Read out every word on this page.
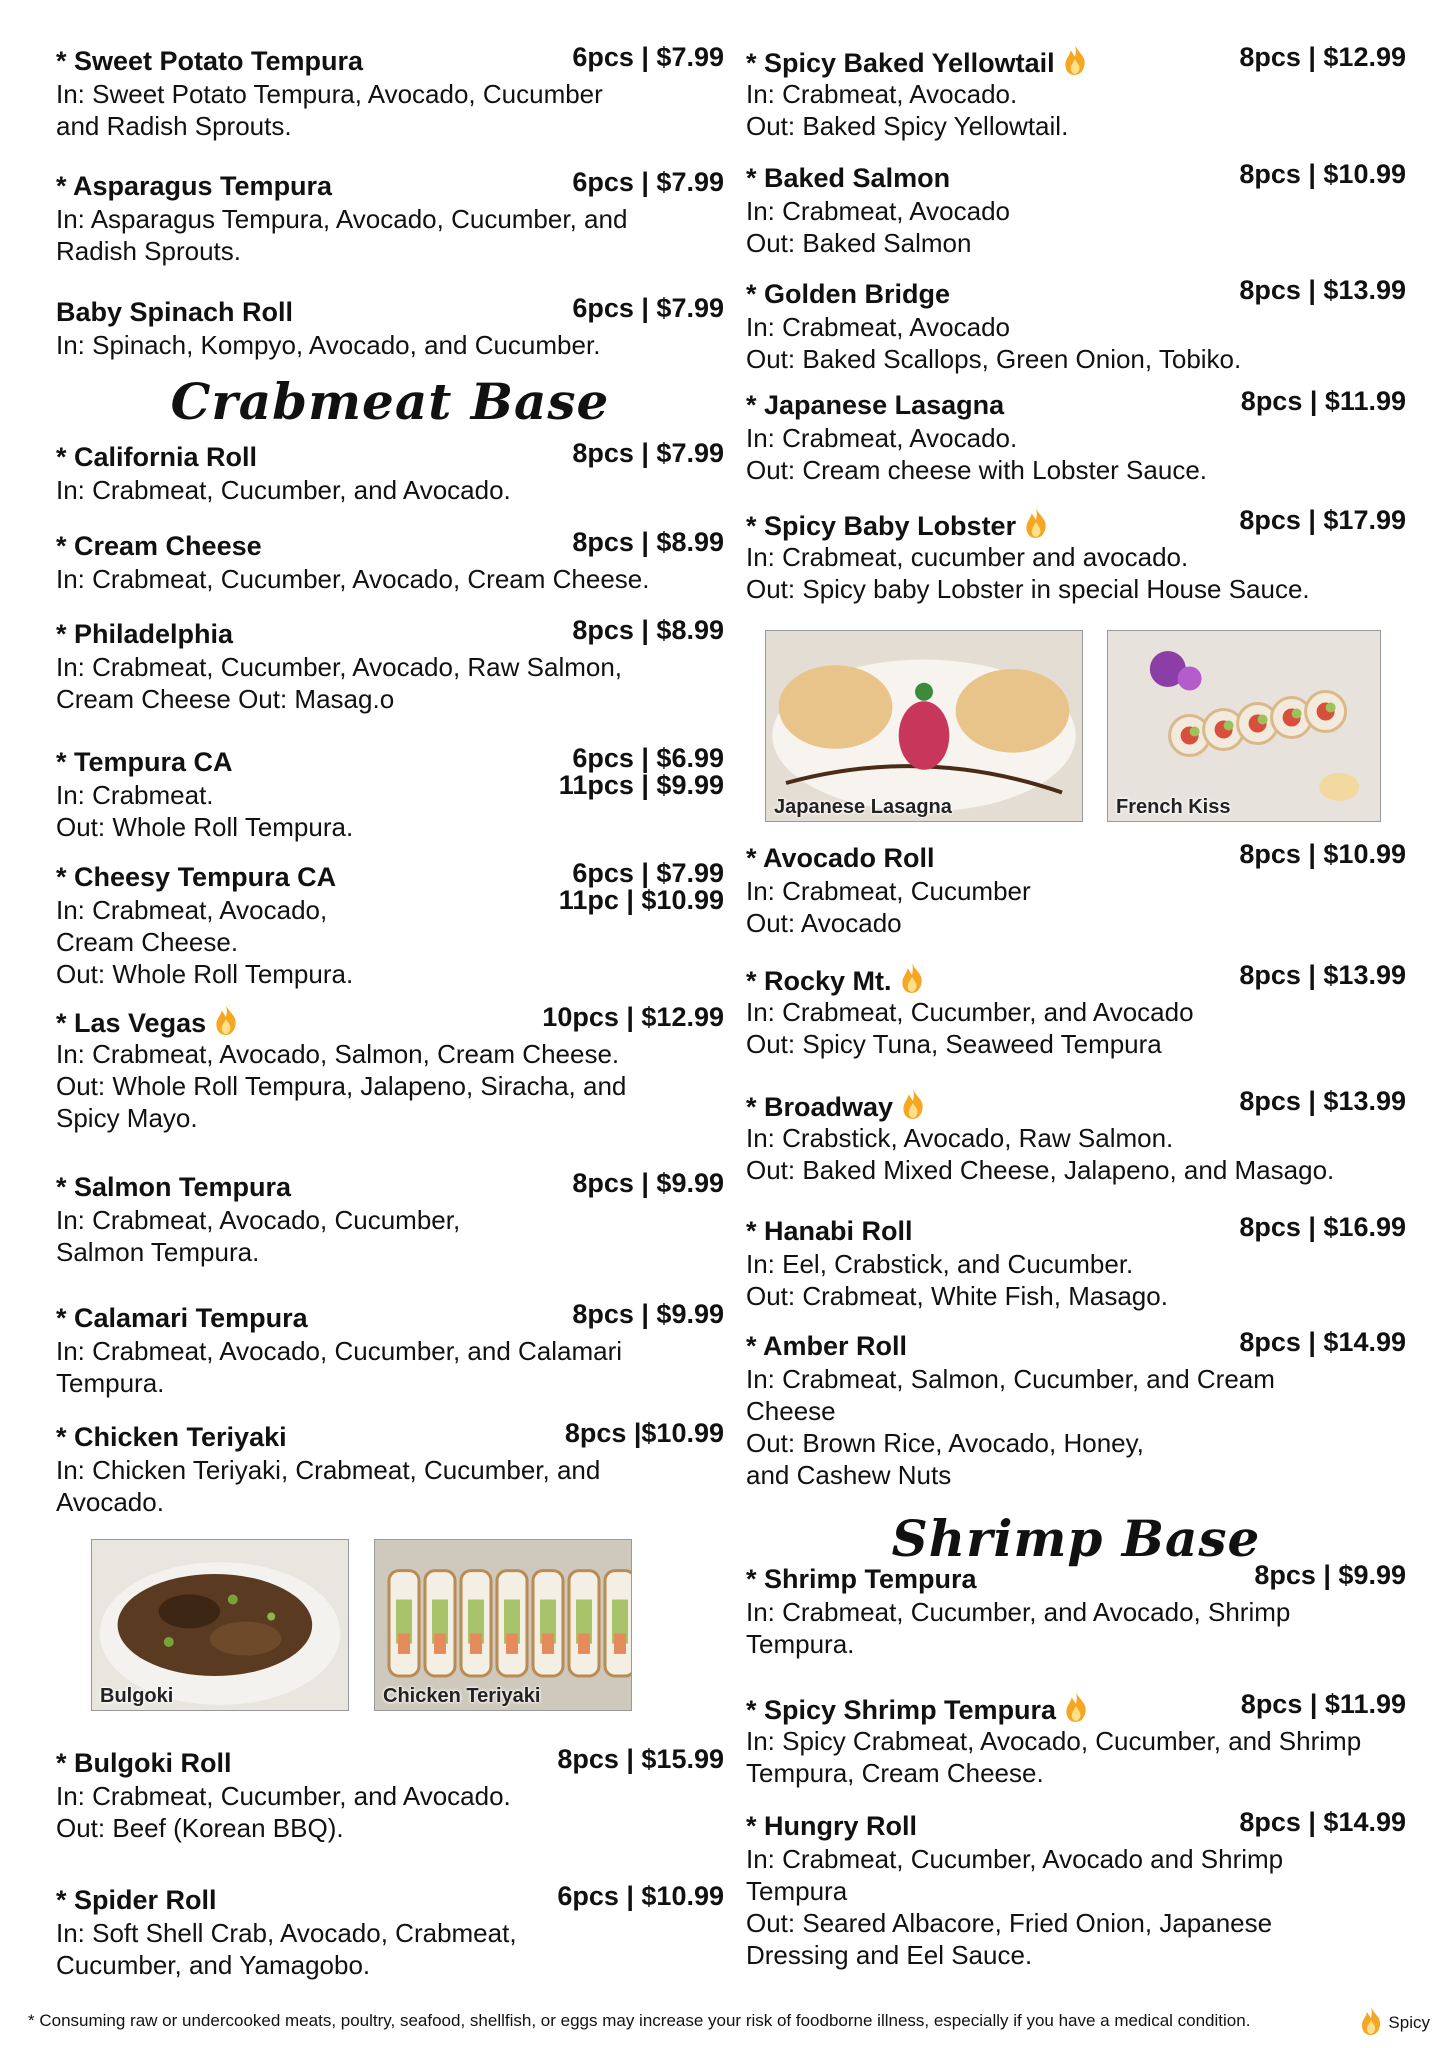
* Sweet Potato Tempura	6pcs | $7.99
In: Sweet Potato Tempura, Avocado, Cucumber
and Radish Sprouts.
* Asparagus Tempura	6pcs | $7.99
In: Asparagus Tempura, Avocado, Cucumber, and
Radish Sprouts.
Baby Spinach Roll	6pcs | $7.99
In: Spinach, Kompyo, Avocado, and Cucumber.
* California Roll	8pcs | $7.99
In: Crabmeat, Cucumber, and Avocado.
* Cream Cheese	8pcs | $8.99
In: Crabmeat, Cucumber, Avocado, Cream Cheese.
* Philadelphia	8pcs | $8.99
In: Crabmeat, Cucumber, Avocado, Raw Salmon,
Cream Cheese Out: Masag.o
* Tempura CA	6pcs | $6.99
11pcs | $9.99
In: Crabmeat.
Out: Whole Roll Tempura.
* Cheesy Tempura CA	6pcs | $7.99
11pc | $10.99
In: Crabmeat, Avocado,
Cream Cheese.
Out: Whole Roll Tempura.
* Las Vegas	10pcs | $12.99
In: Crabmeat, Avocado, Salmon, Cream Cheese.
Out: Whole Roll Tempura, Jalapeno, Siracha, and
Spicy Mayo.
* Salmon Tempura	8pcs | $9.99
In: Crabmeat, Avocado, Cucumber,
Salmon Tempura.
* Calamari Tempura	8pcs | $9.99
In: Crabmeat, Avocado, Cucumber, and Calamari
Tempura.
* Chicken Teriyaki	8pcs |$10.99
In: Chicken Teriyaki, Crabmeat, Cucumber, and
Avocado.
* Bulgoki Roll	8pcs | $15.99
In: Crabmeat, Cucumber, and Avocado.
Out: Beef (Korean BBQ).
* Spider Roll	6pcs | $10.99
In: Soft Shell Crab, Avocado, Crabmeat,
Cucumber, and Yamagobo.
Crabmeat Base
Bulgoki	Chicken Teriyaki
* Spicy Baked Yellowtail	8pcs | $12.99
In: Crabmeat, Avocado.
Out: Baked Spicy Yellowtail.
* Baked Salmon	8pcs | $10.99
In: Crabmeat, Avocado
Out: Baked Salmon
* Golden Bridge	8pcs | $13.99
In: Crabmeat, Avocado
Out: Baked Scallops, Green Onion, Tobiko.
* Japanese Lasagna	8pcs | $11.99
In: Crabmeat, Avocado.
Out: Cream cheese with Lobster Sauce.
* Spicy Baby Lobster	8pcs | $17.99
In: Crabmeat, cucumber and avocado.
Out: Spicy baby Lobster in special House Sauce.
* Avocado Roll	8pcs | $10.99
In: Crabmeat, Cucumber
Out: Avocado
* Rocky Mt.	8pcs | $13.99
In: Crabmeat, Cucumber, and Avocado
Out: Spicy Tuna, Seaweed Tempura
* Broadway	8pcs | $13.99
In: Crabstick, Avocado, Raw Salmon.
Out: Baked Mixed Cheese, Jalapeno, and Masago.
* Hanabi Roll	8pcs | $16.99
In: Eel, Crabstick, and Cucumber.
Out: Crabmeat, White Fish, Masago.
* Amber Roll	8pcs | $14.99
In: Crabmeat, Salmon, Cucumber, and Cream
Cheese
Out: Brown Rice, Avocado, Honey,
and Cashew Nuts
* Shrimp Tempura	8pcs | $9.99
In: Crabmeat, Cucumber, and Avocado, Shrimp
Tempura.
* Spicy Shrimp Tempura	8pcs | $11.99
In: Spicy Crabmeat, Avocado, Cucumber, and Shrimp
Tempura, Cream Cheese.
* Hungry Roll	8pcs | $14.99
In: Crabmeat, Cucumber, Avocado and Shrimp
Tempura
Out: Seared Albacore, Fried Onion, Japanese
Dressing and Eel Sauce.
Shrimp Base
Japanese Lasagna	French Kiss
* Consuming raw or undercooked meats, poultry, seafood, shellfish, or eggs may increase your risk of foodborne illness, especially if you have a medical condition.	Spicy
